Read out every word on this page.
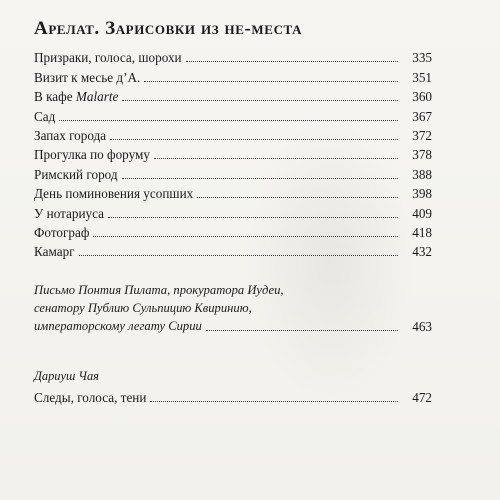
Арелат. Зарисовки из не-места
Призраки, голоса, шорохи	335
Визит к месье д’А.	351
В кафе Malarte	360
Сад	367
Запах города	372
Прогулка по форуму	378
Римский город	388
День поминовения усопших	398
У нотариуса	409
Фотограф	418
Камарг	432
Письмо Понтия Пилата, прокуратора Иудеи,
сенатору Публию Сульпицию Квиринию,
императорскому легату Сирии	463
Дариуш Чая
Следы, голоса, тени	472
